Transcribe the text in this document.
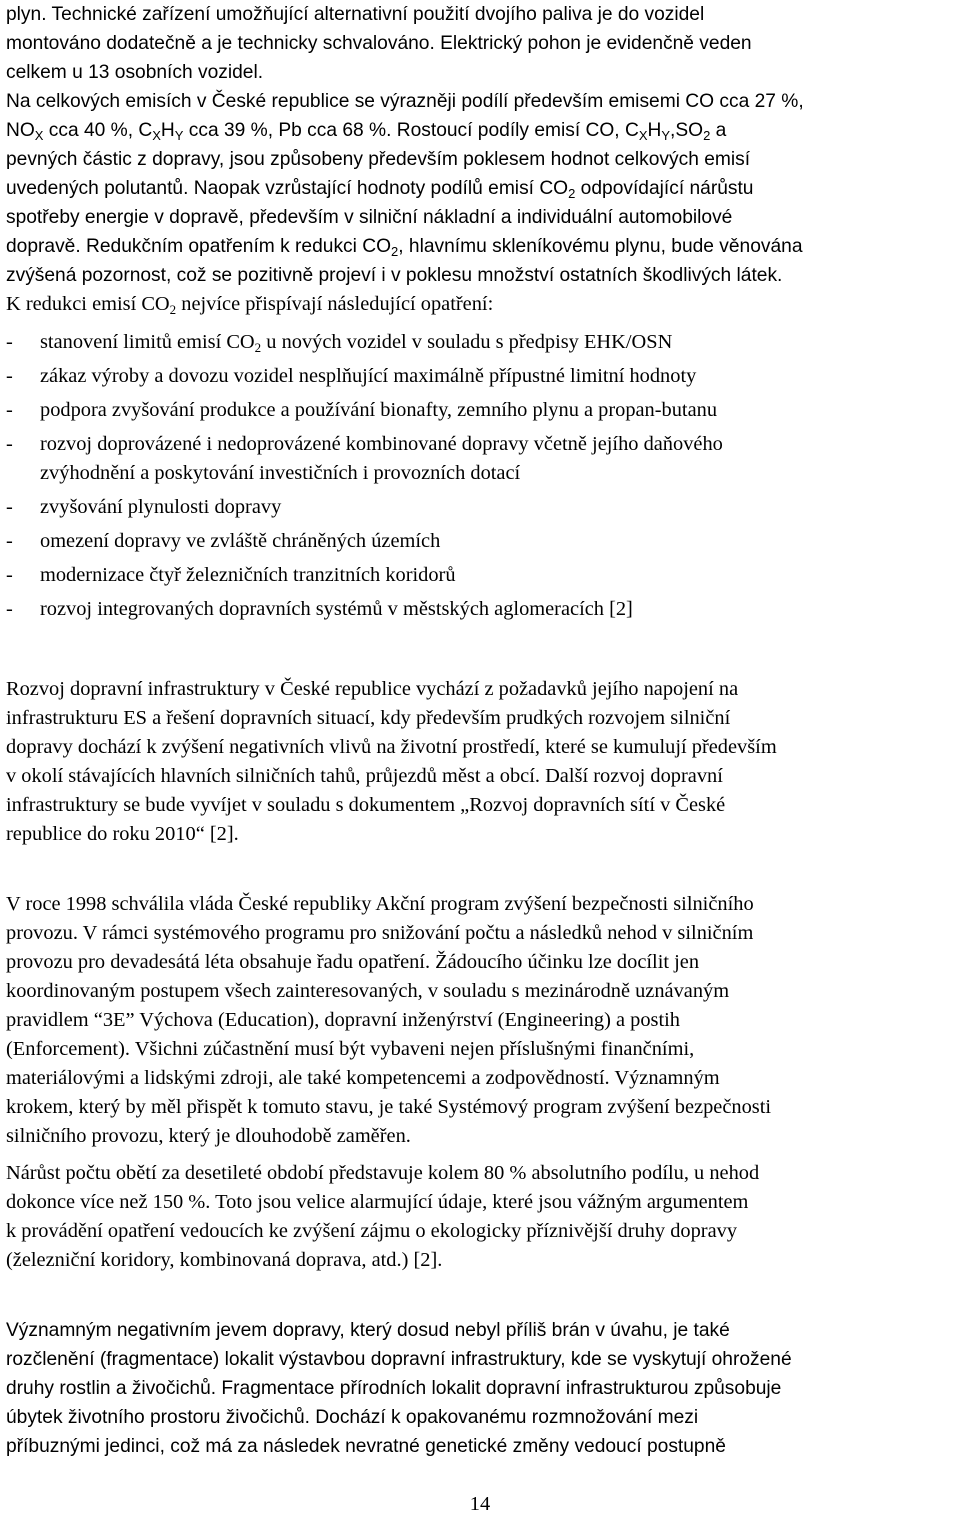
plyn. Technické zařízení umožňující alternativní použití dvojího paliva je do vozidel
montováno dodatečně a je technicky schvalováno. Elektrický pohon je evidenčně veden
celkem u 13 osobních vozidel.
Na celkových emisích v České republice se výrazněji podílí především emisemi CO cca 27 %,
$NO_X$ cca 40 %, $C_XH_Y$ cca 39 %, Pb cca 68 %. Rostoucí podíly emisí CO, $C_XH_Y,SO_2$ a
pevných částic z dopravy, jsou způsobeny především poklesem hodnot celkových emisí
uvedených polutantů. Naopak vzrůstající hodnoty podílů emisí $CO_2$ odpovídající nárůstu
spotřeby energie v dopravě, především v silniční nákladní a individuální automobilové
dopravě. Redukčním opatřením k redukci $CO_2$, hlavnímu skleníkovému plynu, bude věnována
zvýšená pozornost, což se pozitivně projeví i v poklesu množství ostatních škodlivých látek.
K redukci emisí $CO_2$ nejvíce přispívají následující opatření:
- stanovení limitů emisí $CO_2$ u nových vozidel v souladu s předpisy EHK/OSN
- zákaz výroby a dovozu vozidel nesplňující maximálně přípustné limitní hodnoty
- podpora zvyšování produkce a používání bionafty, zemního plynu a propan-butanu
- rozvoj doprovázené i nedoprovázené kombinované dopravy včetně jejího daňového
zvýhodnění a poskytování investičních i provozních dotací
- zvyšování plynulosti dopravy
- omezení dopravy ve zvláště chráněných územích
- modernizace čtyř železničních tranzitních koridorů
- rozvoj integrovaných dopravních systémů v městských aglomeracích [2]
Rozvoj dopravní infrastruktury v České republice vychází z požadavků jejího napojení na
infrastrukturu ES a řešení dopravních situací, kdy především prudkých rozvojem silniční
dopravy dochází k zvýšení negativních vlivů na životní prostředí, které se kumulují především
v okolí stávajících hlavních silničních tahů, průjezdů měst a obcí. Další rozvoj dopravní
infrastruktury se bude vyvíjet v souladu s dokumentem „Rozvoj dopravních sítí v České
republice do roku 2010“ [2].
V roce 1998 schválila vláda České republiky Akční program zvýšení bezpečnosti silničního
provozu. V rámci systémového programu pro snižování počtu a následků nehod v silničním
provozu pro devadesátá léta obsahuje řadu opatření. Žádoucího účinku lze docílit jen
koordinovaným postupem všech zainteresovaných, v souladu s mezinárodně uznávaným
pravidlem “3E” Výchova (Education), dopravní inženýrství (Engineering) a postih
(Enforcement). Všichni zúčastnění musí být vybaveni nejen příslušnými finančními,
materiálovými a lidskými zdroji, ale také kompetencemi a zodpovědností. Významným
krokem, který by měl přispět k tomuto stavu, je také Systémový program zvýšení bezpečnosti
silničního provozu, který je dlouhodobě zaměřen.
Nárůst počtu obětí za desetileté období představuje kolem 80 % absolutního podílu, u nehod
dokonce více než 150 %. Toto jsou velice alarmující údaje, které jsou vážným argumentem
k provádění opatření vedoucích ke zvýšení zájmu o ekologicky příznivější druhy dopravy
(železniční koridory, kombinovaná doprava, atd.) [2].
Významným negativním jevem dopravy, který dosud nebyl příliš brán v úvahu, je také
rozčlenění (fragmentace) lokalit výstavbou dopravní infrastruktury, kde se vyskytují ohrožené
druhy rostlin a živočichů. Fragmentace přírodních lokalit dopravní infrastrukturou způsobuje
úbytek životního prostoru živočichů. Dochází k opakovanému rozmnožování mezi
příbuznými jedinci, což má za následek nevratné genetické změny vedoucí postupně
14
